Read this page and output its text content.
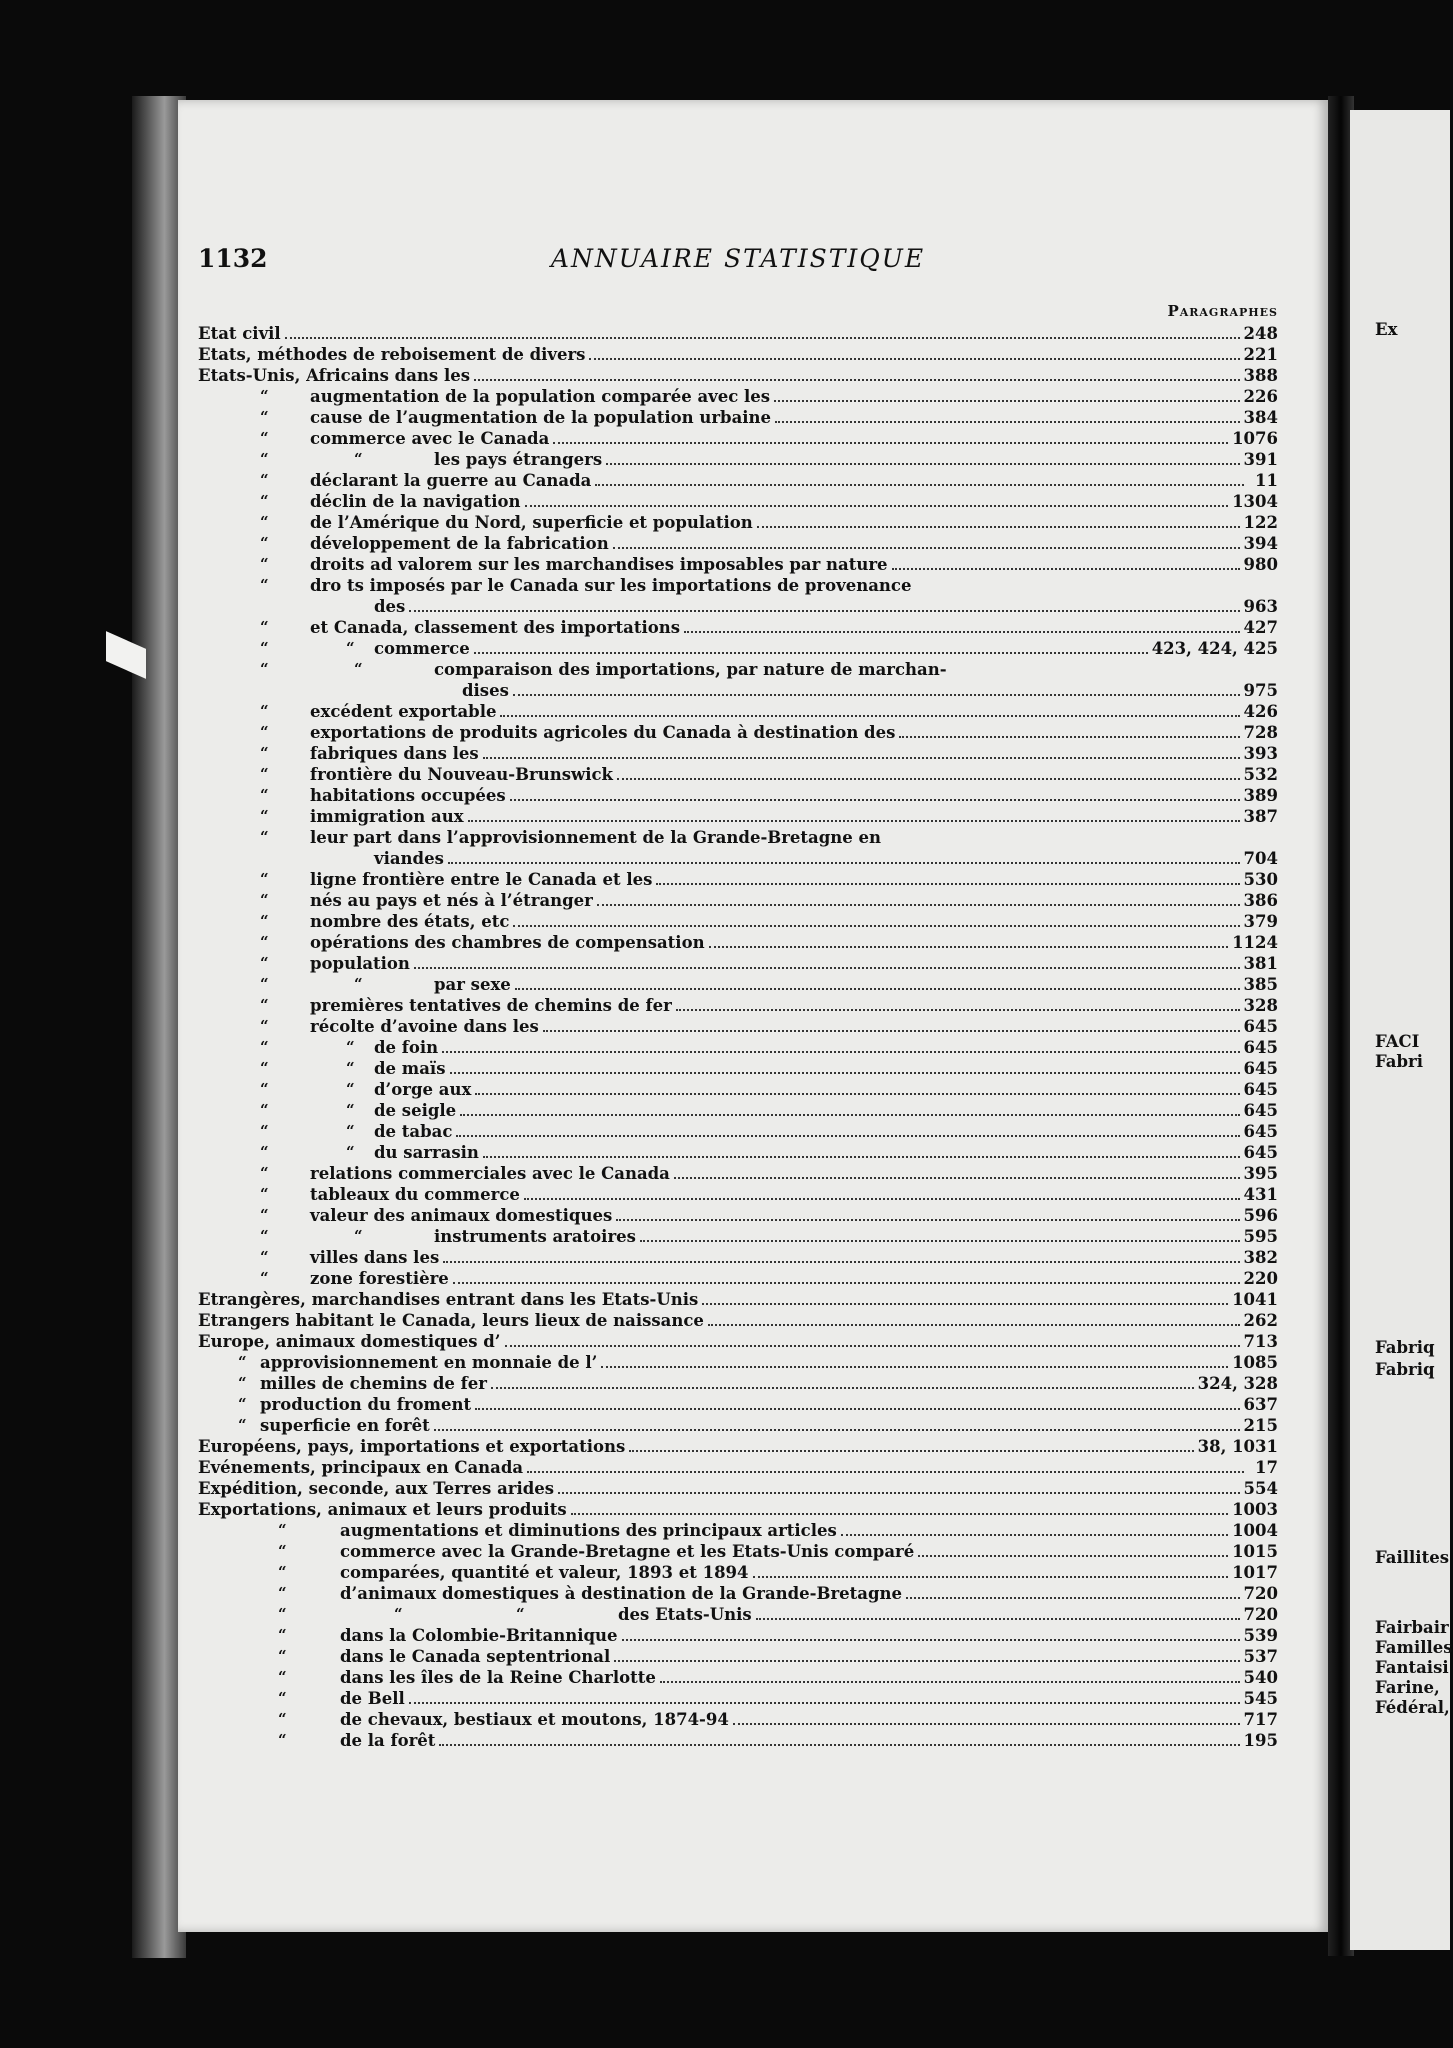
1132	ANNUAIRE STATISTIQUE
Paragraphes
Etat civil	248
Etats, méthodes de reboisement de divers	221
Etats-Unis, Africains dans les	388
“	augmentation de la population comparée avec les	226
“	cause de l’augmentation de la population urbaine	384
“	commerce avec le Canada	1076
“	“	les pays étrangers	391
“	déclarant la guerre au Canada	11
“	déclin de la navigation	1304
“	de l’Amérique du Nord, superficie et population	122
“	développement de la fabrication	394
“	droits ad valorem sur les marchandises imposables par nature	980
“	dro ts imposés par le Canada sur les importations de provenance
des	963
“	et Canada, classement des importations	427
“	“ commerce	423, 424, 425
“	“	comparaison des importations, par nature de marchan-
dises	975
“	excédent exportable	426
“	exportations de produits agricoles du Canada à destination des	728
“	fabriques dans les	393
“	frontière du Nouveau-Brunswick	532
“	habitations occupées	389
“	immigration aux	387
“	leur part dans l’approvisionnement de la Grande-Bretagne en
viandes	704
“	ligne frontière entre le Canada et les	530
“	nés au pays et nés à l’étranger	386
“	nombre des états, etc	379
“	opérations des chambres de compensation	1124
“	population	381
“	“	par sexe	385
“	premières tentatives de chemins de fer	328
“	récolte d’avoine dans les	645
“	“ de foin	645
“	“ de maïs	645
“	“ d’orge aux	645
“	“ de seigle	645
“	“ de tabac	645
“	“ du sarrasin	645
“	relations commerciales avec le Canada	395
“	tableaux du commerce	431
“	valeur des animaux domestiques	596
“	“	instruments aratoires	595
“	villes dans les	382
“	zone forestière	220
Etrangères, marchandises entrant dans les Etats-Unis	1041
Etrangers habitant le Canada, leurs lieux de naissance	262
Europe, animaux domestiques d’	713
“ approvisionnement en monnaie de l’	1085
“ milles de chemins de fer	324, 328
“ production du froment	637
“ superficie en forêt	215
Européens, pays, importations et exportations	38, 1031
Evénements, principaux en Canada	17
Expédition, seconde, aux Terres arides	554
Exportations, animaux et leurs produits	1003
“	augmentations et diminutions des principaux articles	1004
“	commerce avec la Grande-Bretagne et les Etats-Unis comparé	1015
“	comparées, quantité et valeur, 1893 et 1894	1017
“	d’animaux domestiques à destination de la Grande-Bretagne	720
“	“	“	des Etats-Unis	720
“	dans la Colombie-Britannique	539
“	dans le Canada septentrional	537
“	dans les îles de la Reine Charlotte	540
“	de Bell	545
“	de chevaux, bestiaux et moutons, 1874-94	717
“	de la forêt	195
Ex
FACI
Fabri
Fabriq
Fabriq
Faillites
Fairbair
Familles
Fantaisi
Farine,
Fédéral,
